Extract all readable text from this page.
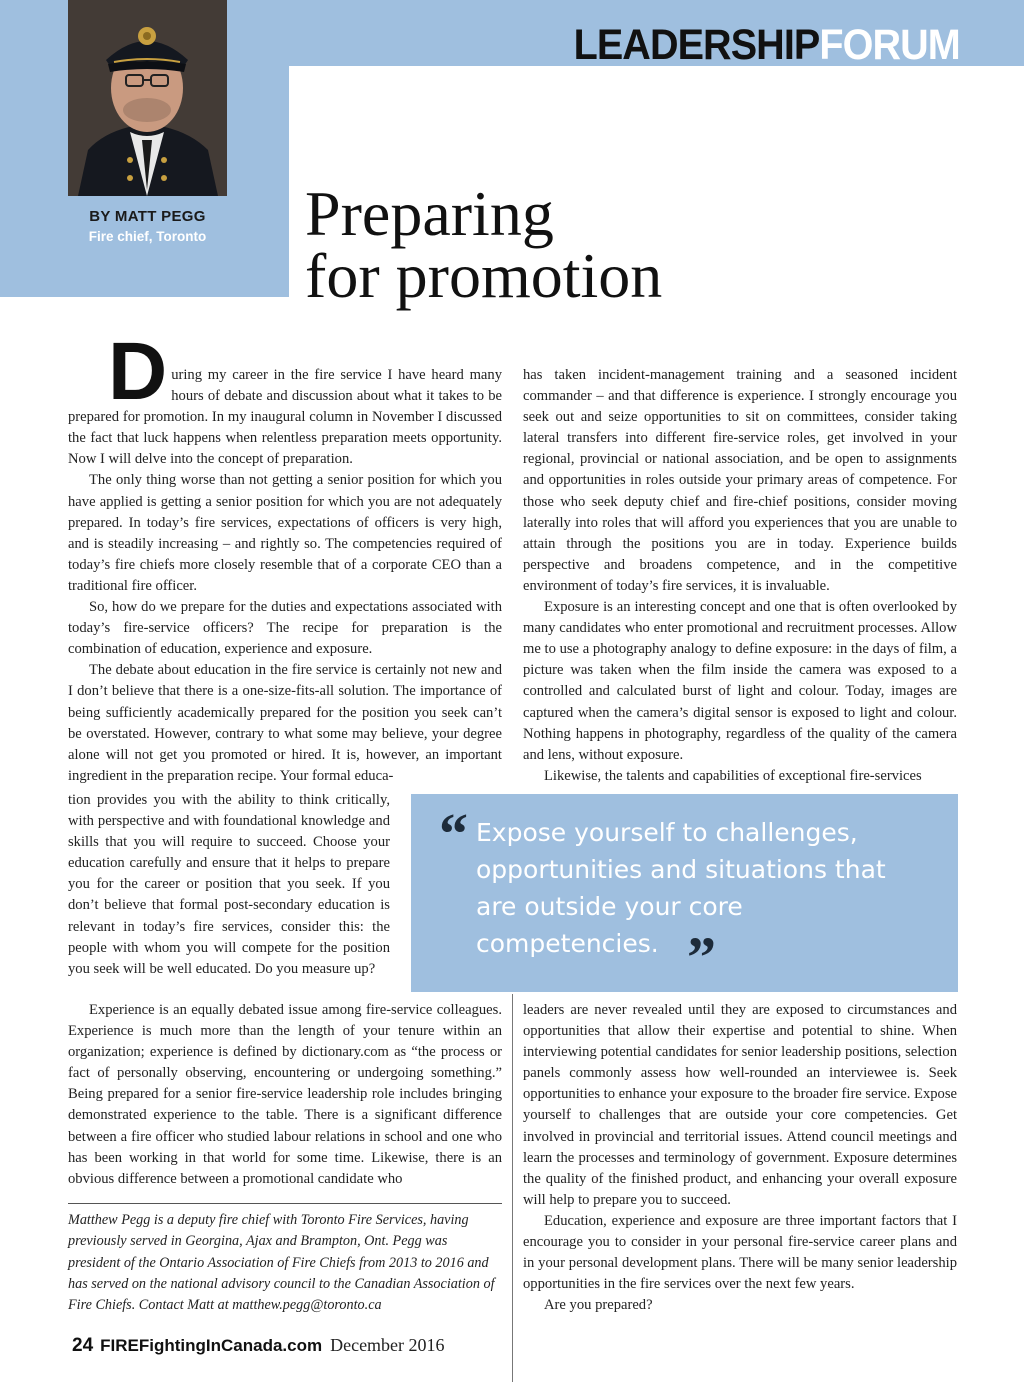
LEADERSHIPFORUM
BY MATT PEGG
Fire chief, Toronto	Preparing
for promotion
D uring my career in the fire service I have heard many hours of debate and discussion about what it takes to be prepared for promotion. In my inaugural column in November I discussed the fact that luck happens when relentless preparation meets opportunity. Now I will delve into the concept of preparation.

The only thing worse than not getting a senior position for which you have applied is getting a senior position for which you are not adequately prepared. In today’s fire services, expectations of officers is very high, and is steadily increasing – and rightly so. The competencies required of today’s fire chiefs more closely resemble that of a corporate CEO than a traditional fire officer.

So, how do we prepare for the duties and expectations associated with today’s fire-service officers? The recipe for preparation is the combination of education, experience and exposure.

The debate about education in the fire service is certainly not new and I don’t believe that there is a one-size-fits-all solution. The importance of being sufficiently academically prepared for the position you seek can’t be overstated. However, contrary to what some may believe, your degree alone will not get you promoted or hired. It is, however, an important ingredient in the preparation recipe. Your formal educa-

tion provides you with the ability to think critically, with perspective and with foundational knowledge and skills that you will require to succeed. Choose your education carefully and ensure that it helps to prepare you for the career or position that you seek. If you don’t believe that formal post-secondary education is relevant in today’s fire services, consider this: the people with whom you will compete for the position you seek will be well educated. Do you measure up?

Experience is an equally debated issue among fire-service colleagues. Experience is much more than the length of your tenure within an organization; experience is defined by dictionary.com as “the process or fact of personally observing, encountering or undergoing something.” Being prepared for a senior fire-service leadership role includes bringing demonstrated experience to the table. There is a significant difference between a fire officer who studied labour relations in school and one who has been working in that world for some time. Likewise, there is an obvious difference between a promotional candidate who

has taken incident-management training and a seasoned incident commander – and that difference is experience. I strongly encourage you seek out and seize opportunities to sit on committees, consider taking lateral transfers into different fire-service roles, get involved in your regional, provincial or national association, and be open to assignments and opportunities in roles outside your primary areas of competence. For those who seek deputy chief and fire-chief positions, consider moving laterally into roles that will afford you experiences that you are unable to attain through the positions you are in today. Experience builds perspective and broadens competence, and in the competitive environment of today’s fire services, it is invaluable.

Exposure is an interesting concept and one that is often overlooked by many candidates who enter promotional and recruitment processes. Allow me to use a photography analogy to define exposure: in the days of film, a picture was taken when the film inside the camera was exposed to a controlled and calculated burst of light and colour. Today, images are captured when the camera’s digital sensor is exposed to light and colour. Nothing happens in photography, regardless of the quality of the camera and lens, without exposure.

Likewise, the talents and capabilities of exceptional fire-services

“ Expose yourself to challenges, opportunities and situations that are outside your core competencies. ”

leaders are never revealed until they are exposed to circumstances and opportunities that allow their expertise and potential to shine. When interviewing potential candidates for senior leadership positions, selection panels commonly assess how well-rounded an interviewee is. Seek opportunities to enhance your exposure to the broader fire service. Expose yourself to challenges that are outside your core competencies. Get involved in provincial and territorial issues. Attend council meetings and learn the processes and terminology of government. Exposure determines the quality of the finished product, and enhancing your overall exposure will help to prepare you to succeed.

Education, experience and exposure are three important factors that I encourage you to consider in your personal fire-service career plans and in your personal development plans. There will be many senior leadership opportunities in the fire services over the next few years.

Are you prepared?

Matthew Pegg is a deputy fire chief with Toronto Fire Services, having previously served in Georgina, Ajax and Brampton, Ont. Pegg was president of the Ontario Association of Fire Chiefs from 2013 to 2016 and has served on the national advisory council to the Canadian Association of Fire Chiefs. Contact Matt at matthew.pegg@toronto.ca
24 FIREFightingInCanada.com December 2016
